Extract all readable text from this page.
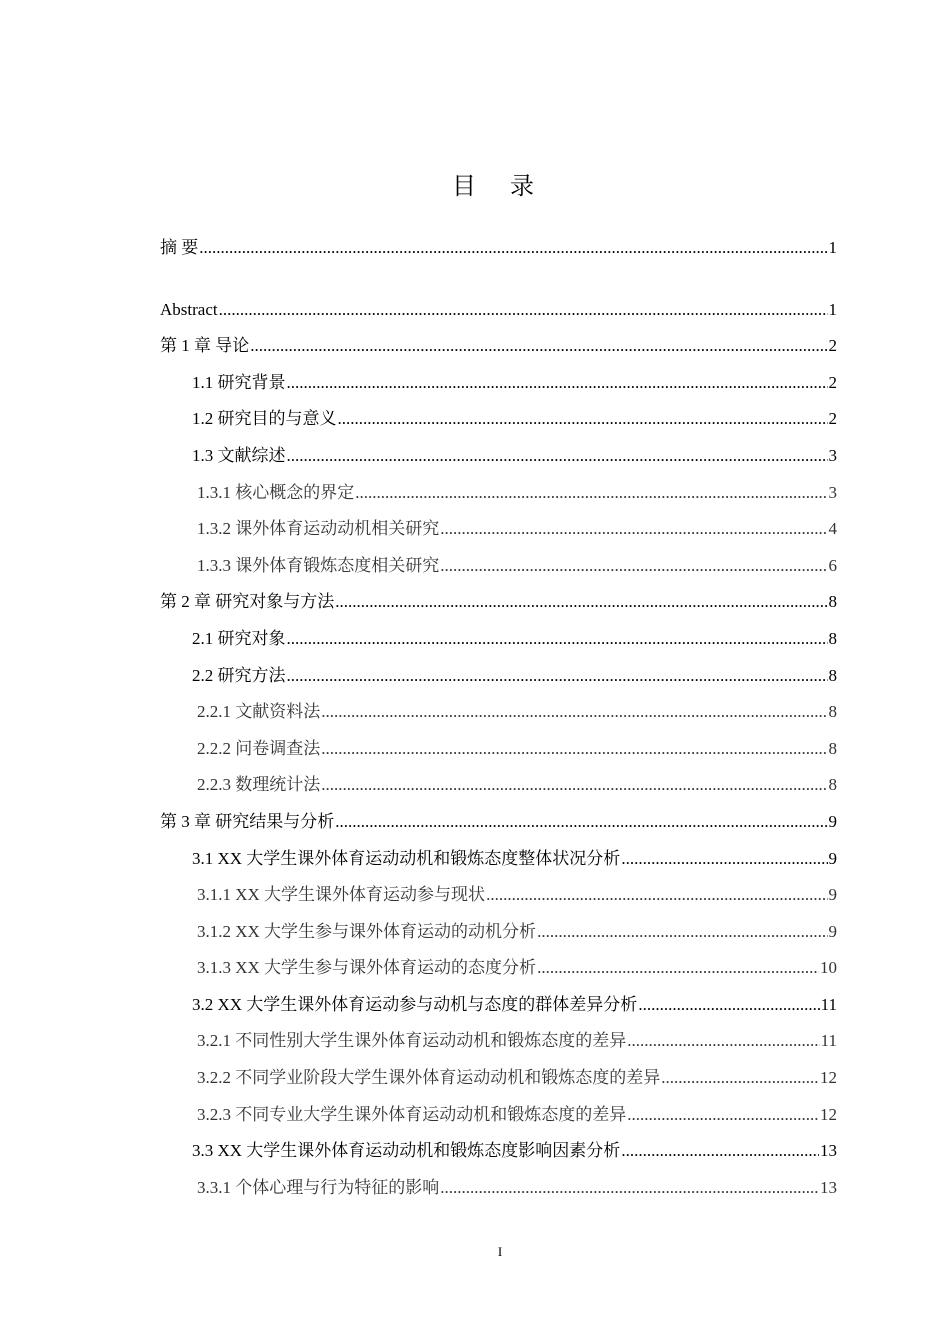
目 录
摘 要 .....	1
Abstract .....	1
第 1 章 导论 .....	2
1.1 研究背景 .....	2
1.2 研究目的与意义 .....	2
1.3 文献综述 .....	3
1.3.1 核心概念的界定 .....	3
1.3.2 课外体育运动动机相关研究 .....	4
1.3.3 课外体育锻炼态度相关研究 .....	6
第 2 章 研究对象与方法 .....	8
2.1 研究对象 .....	8
2.2 研究方法 .....	8
2.2.1 文献资料法 .....	8
2.2.2 问卷调查法 .....	8
2.2.3 数理统计法 .....	8
第 3 章 研究结果与分析 .....	9
3.1 XX 大学生课外体育运动动机和锻炼态度整体状况分析 .....	9
3.1.1 XX 大学生课外体育运动参与现状 .....	9
3.1.2 XX 大学生参与课外体育运动的动机分析 .....	9
3.1.3 XX 大学生参与课外体育运动的态度分析 .....	10
3.2 XX 大学生课外体育运动参与动机与态度的群体差异分析 .....	11
3.2.1 不同性别大学生课外体育运动动机和锻炼态度的差异 .....	11
3.2.2 不同学业阶段大学生课外体育运动动机和锻炼态度的差异 .....	12
3.2.3 不同专业大学生课外体育运动动机和锻炼态度的差异 .....	12
3.3 XX 大学生课外体育运动动机和锻炼态度影响因素分析 .....	13
3.3.1 个体心理与行为特征的影响 .....	13
I
